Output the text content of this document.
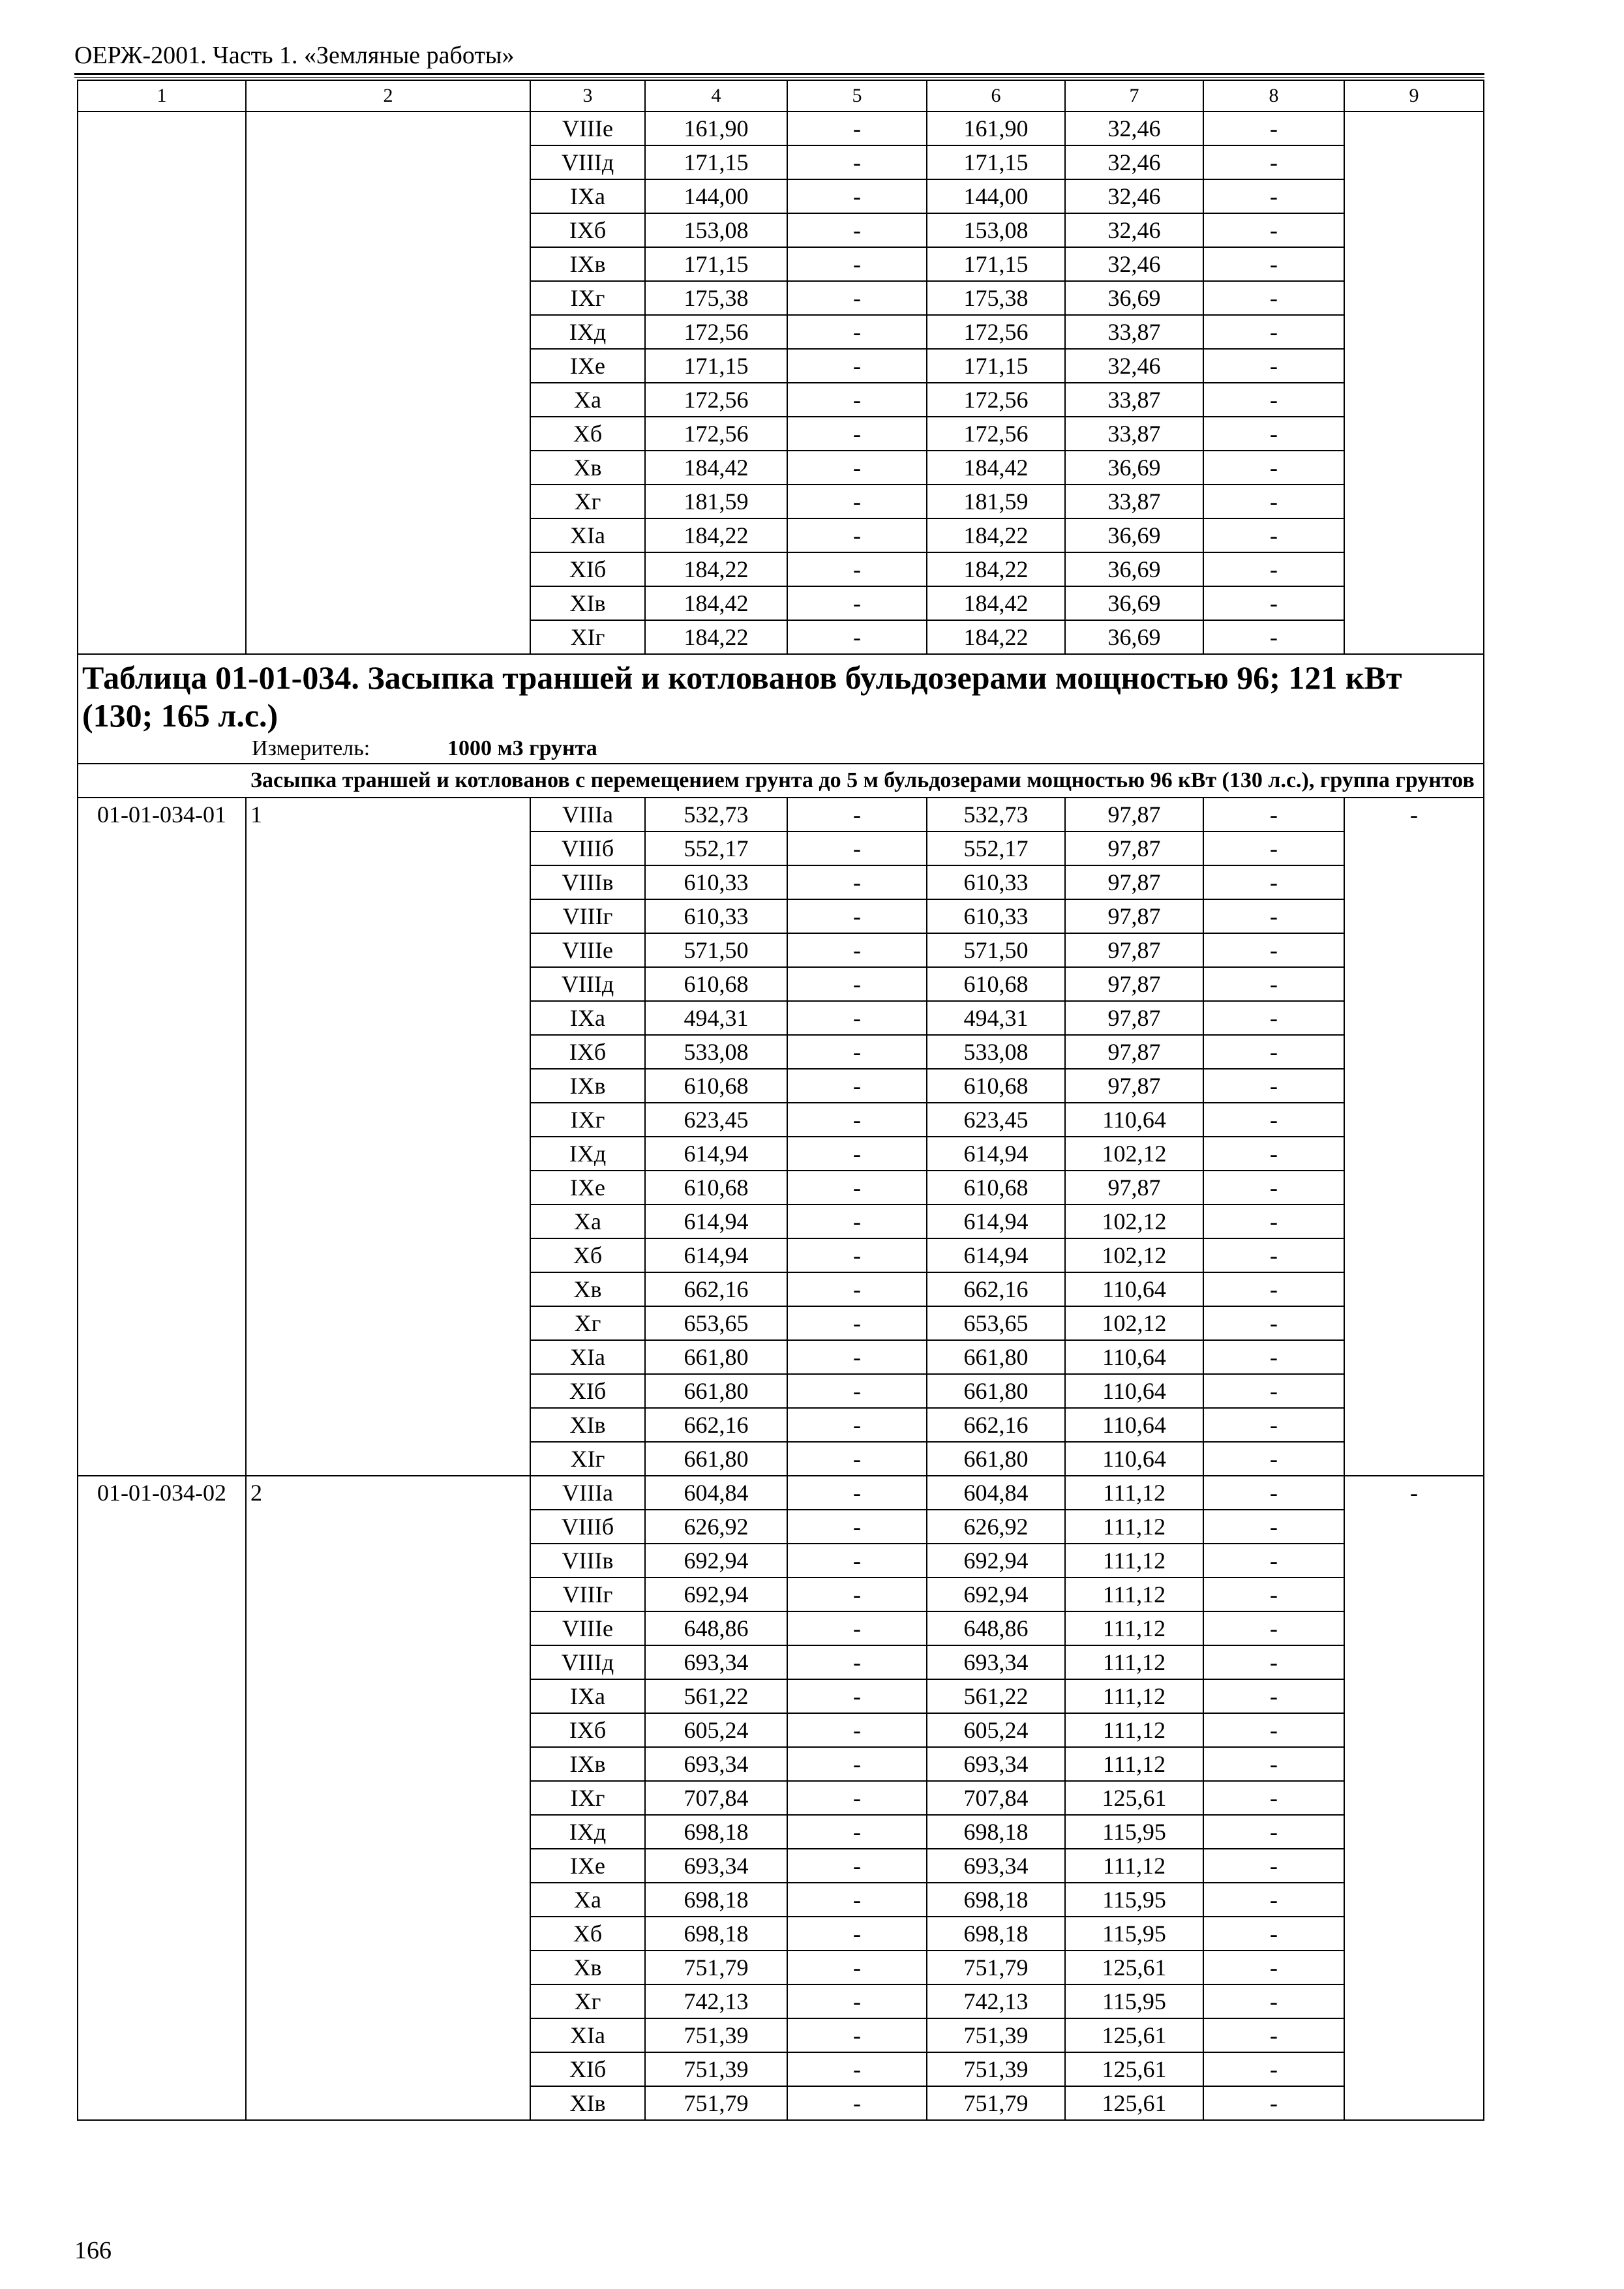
ОЕРЖ-2001. Часть 1. «Земляные работы»
1	2	3	4	5	6	7	8	9
		VIIIе	161,90	-	161,90	32,46	-	
		VIIIд	171,15	-	171,15	32,46	-	
		IXа	144,00	-	144,00	32,46	-	
		IXб	153,08	-	153,08	32,46	-	
		IXв	171,15	-	171,15	32,46	-	
		IXг	175,38	-	175,38	36,69	-	
		IXд	172,56	-	172,56	33,87	-	
		IXе	171,15	-	171,15	32,46	-	
		Xа	172,56	-	172,56	33,87	-	
		Xб	172,56	-	172,56	33,87	-	
		Xв	184,42	-	184,42	36,69	-	
		Xг	181,59	-	181,59	33,87	-	
		XIа	184,22	-	184,22	36,69	-	
		XIб	184,22	-	184,22	36,69	-	
		XIв	184,42	-	184,42	36,69	-	
		XIг	184,22	-	184,22	36,69	-	

Таблица 01-01-034. Засыпка траншей и котлованов бульдозерами мощностью 96; 121 кВт (130; 165 л.с.)
Измеритель: 1000 м3 грунта								

Засыпка траншей и котлованов с перемещением грунта до 5 м бульдозерами мощностью 96 кВт (130 л.с.), группа грунтов								
01-01-034-01	1	VIIIа	532,73	-	532,73	97,87	-	-
		VIIIб	552,17	-	552,17	97,87	-	
		VIIIв	610,33	-	610,33	97,87	-	
		VIIIг	610,33	-	610,33	97,87	-	
		VIIIе	571,50	-	571,50	97,87	-	
		VIIIд	610,68	-	610,68	97,87	-	
		IXа	494,31	-	494,31	97,87	-	
		IXб	533,08	-	533,08	97,87	-	
		IXв	610,68	-	610,68	97,87	-	
		IXг	623,45	-	623,45	110,64	-	
		IXд	614,94	-	614,94	102,12	-	
		IXе	610,68	-	610,68	97,87	-	
		Xа	614,94	-	614,94	102,12	-	
		Xб	614,94	-	614,94	102,12	-	
		Xв	662,16	-	662,16	110,64	-	
		Xг	653,65	-	653,65	102,12	-	
		XIа	661,80	-	661,80	110,64	-	
		XIб	661,80	-	661,80	110,64	-	
		XIв	662,16	-	662,16	110,64	-	
		XIг	661,80	-	661,80	110,64	-	
01-01-034-02	2	VIIIа	604,84	-	604,84	111,12	-	-
		VIIIб	626,92	-	626,92	111,12	-	
		VIIIв	692,94	-	692,94	111,12	-	
		VIIIг	692,94	-	692,94	111,12	-	
		VIIIе	648,86	-	648,86	111,12	-	
		VIIIд	693,34	-	693,34	111,12	-	
		IXа	561,22	-	561,22	111,12	-	
		IXб	605,24	-	605,24	111,12	-	
		IXв	693,34	-	693,34	111,12	-	
		IXг	707,84	-	707,84	125,61	-	
		IXд	698,18	-	698,18	115,95	-	
		IXе	693,34	-	693,34	111,12	-	
		Xа	698,18	-	698,18	115,95	-	
		Xб	698,18	-	698,18	115,95	-	
		Xв	751,79	-	751,79	125,61	-	
		Xг	742,13	-	742,13	115,95	-	
		XIа	751,39	-	751,39	125,61	-	
		XIб	751,39	-	751,39	125,61	-	
		XIв	751,79	-	751,79	125,61	-	
166
